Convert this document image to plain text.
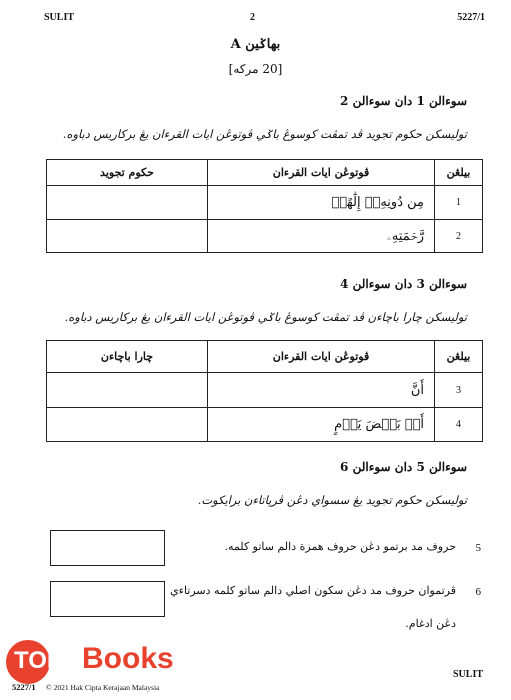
SULIT	2	5227/1
بهاݢين A
[20 مركه]
سوءالن 1 دان سوءالن 2
توليسكن حكوم تجويد ڤد تمڤت كوسوڠ باݢي ڤوتوڠن ايات القرءان يڠ بركاريس دباوه.
بيلڠن	ڤوتوڠن ايات القرءان	حكوم تجويد
1	مِن دُونِهِۦٓ إِلَٰهًاۖ	
2	رَّحۡمَتِهِۦ	
سوءالن 3 دان سوءالن 4
توليسكن چارا باچاءن ڤد تمڤت كوسوڠ باݢي ڤوتوڠن ايات القرءان يڠ بركاريس دباوه.
بيلڠن	ڤوتوڠن ايات القرءان	چارا باچاءن
3	أَنَّ	
4	أَوۡ بَعۡضَ يَوۡمٍ	
سوءالن 5 دان سوءالن 6
توليسكن حكوم تجويد يڠ سسواي دڠن ڤرپاتاءن برايكوت.
5
حروف مد برتمو دڠن حروف همزة دالم ساتو كلمه.
6
ڤرتموان حروف مد دڠن سكون اصلي دالم ساتو كلمه دسرتاءي
دڠن ادغام.
TOP Books
5227/1 © 2021 Hak Cipta Kerajaan Malaysia
SULIT
